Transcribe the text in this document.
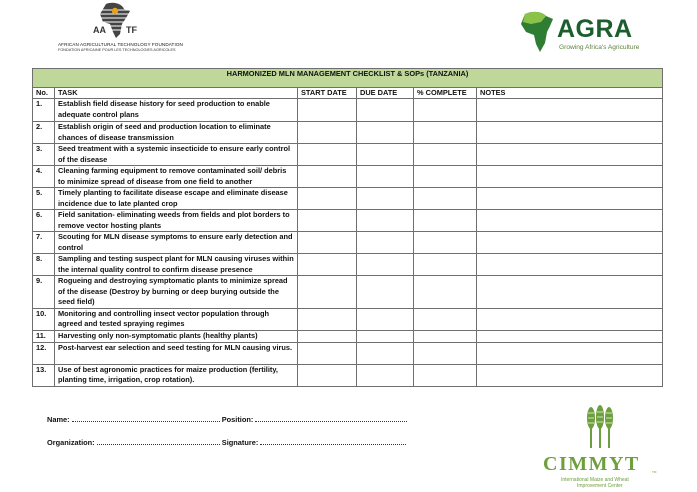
AA TF
AFRICAN AGRICULTURAL TECHNOLOGY FOUNDATION
FONDATION AFRICAINE POUR LES TECHNOLOGIES AGRICOLES
AGRA
Growing Africa's Agriculture
HARMONIZED MLN MANAGEMENT CHECKLIST & SOPs (TANZANIA)					
No.	TASK	START DATE	DUE DATE	% COMPLETE	NOTES
1.	Establish field disease history for seed production to enable adequate control plans				
2.	Establish origin of seed and production location to eliminate chances of disease transmission				
3.	Seed treatment with a systemic insecticide to ensure early control of the disease				
4.	Cleaning farming equipment to remove contaminated soil/ debris to minimize spread of disease from one field to another				
5.	Timely planting to facilitate disease escape and eliminate disease incidence due to late planted crop				
6.	Field sanitation- eliminating weeds from fields and plot borders to remove vector hosting plants				
7.	Scouting for MLN disease symptoms to ensure early detection and control				
8.	Sampling and testing suspect plant for MLN causing viruses within the internal quality control to confirm disease presence				
9.	Rogueing and destroying symptomatic plants to minimize spread of the disease (Destroy by burning or deep burying outside the seed field)				
10.	Monitoring and controlling insect vector population through agreed and tested spraying regimes				
11.	Harvesting only non-symptomatic plants (healthy plants)				
12.	Post-harvest ear selection and seed testing for MLN causing virus.				
13.	Use of best agronomic practices for maize production (fertility, planting time, irrigation, crop rotation).				
Name:	Position:
Organization:	Signature:
CIMMYT	TM
International Maize and Wheat
Improvement Center
